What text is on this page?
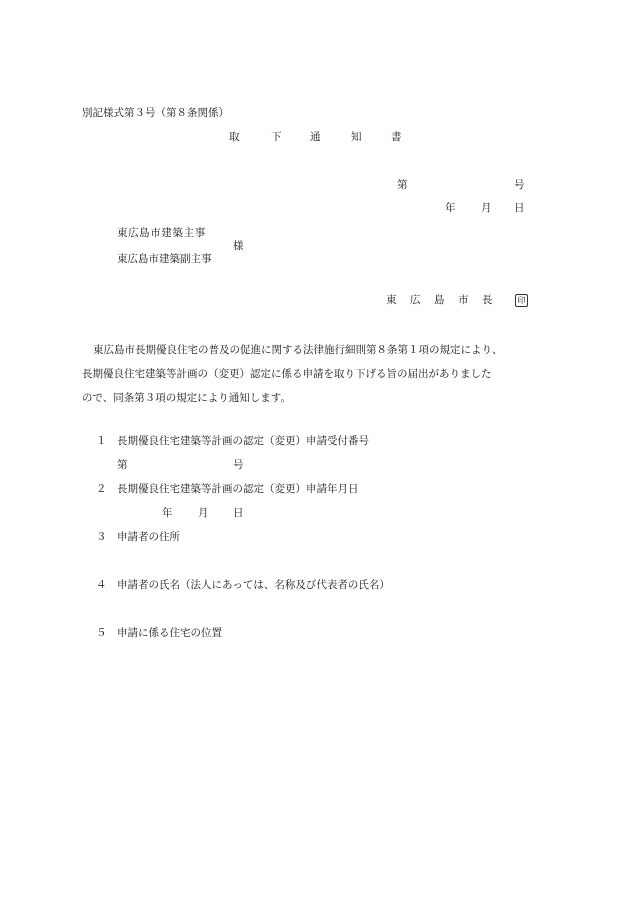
別記様式第３号（第８条関係）
取	下	通	知	書
第	号
年 月 日
東広島市建築主事
様
東広島市建築副主事
東 広 島 市 長	印

東広島市長期優良住宅の普及の促進に関する法律施行細則第８条第１項の規定により、

長期優良住宅建築等計画の（変更）認定に係る申請を取り下げる旨の届出がありました

ので、同条第３項の規定により通知します。

１ 長期優良住宅建築等計画の認定（変更）申請受付番号
第	号
２ 長期優良住宅建築等計画の認定（変更）申請年月日
年 月 日
３ 申請者の住所
４ 申請者の氏名（法人にあっては、名称及び代表者の氏名）
５ 申請に係る住宅の位置
